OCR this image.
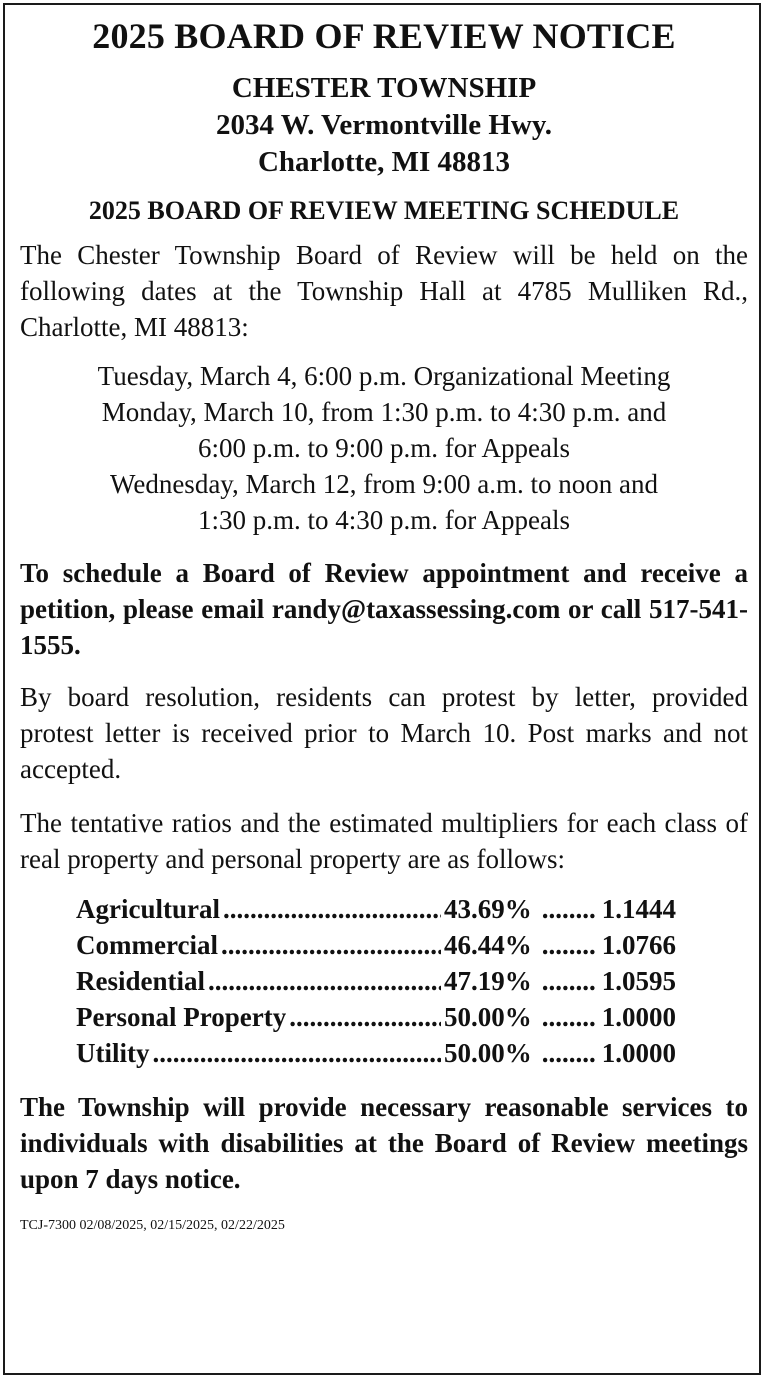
2025 BOARD OF REVIEW NOTICE
CHESTER TOWNSHIP
2034 W. Vermontville Hwy.
Charlotte, MI 48813
2025 BOARD OF REVIEW MEETING SCHEDULE

The Chester Township Board of Review will be held on the following dates at the Township Hall at 4785 Mulliken Rd., Charlotte, MI 48813:

Tuesday, March 4, 6:00 p.m. Organizational Meeting
Monday, March 10, from 1:30 p.m. to 4:30 p.m. and
6:00 p.m. to 9:00 p.m. for Appeals
Wednesday, March 12, from 9:00 a.m. to noon and
1:30 p.m. to 4:30 p.m. for Appeals

To schedule a Board of Review appointment and receive a petition, please email randy@taxassessing.com or call 517-541-1555.

By board resolution, residents can protest by letter, provided protest letter is received prior to March 10. Post marks and not accepted.

The tentative ratios and the estimated multipliers for each class of real property and personal property are as follows:

Agricultural .....	43.69% ........ 1.1444
Commercial .....	46.44% ........ 1.0766
Residential .....	47.19% ........ 1.0595
Personal Property .....	50.00% ........ 1.0000
Utility .....	50.00% ........ 1.0000

The Township will provide necessary reasonable services to individuals with disabilities at the Board of Review meetings upon 7 days notice.

TCJ-7300 02/08/2025, 02/15/2025, 02/22/2025
